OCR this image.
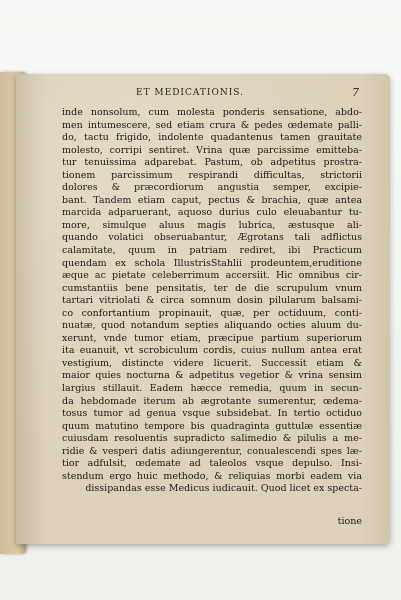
ET MEDICATIONIS.	7
inde nonsolum, cum molesta ponderis sensatione, abdo-
men intumescere, sed etiam crura & pedes œdemate palli-
do, tactu frigido, indolente quadantenus tamen grauitate
molesto, corripi sentiret. Vrina quæ parcissime emitteba-
tur tenuissima adparebat. Pastum, ob adpetitus prostra-
tionem parcissimum respirandi difficultas, strictorii
dolores & præcordiorum angustia semper, excipie-
bant. Tandem etiam caput, pectus & brachia, quæ antea
marcida adparuerant, aquoso durius culo eleuabantur tu-
more, simulque aluus magis lubrica, æstusque ali-
quando volatici obseruabantur, Ægrotans tali adflictus
calamitate, quum in patriam rediret, ibi Practicum
quendam ex schola IllustrisStahlii prodeuntem,eruditione
æque ac pietate celeberrimum accersiit. Hic omnibus cir-
cumstantiis bene pensitatis, ter de die scrupulum vnum
tartari vitriolati & circa somnum dosin pilularum balsami-
co confortantium propinauit, quæ, per octiduum, conti-
nuatæ, quod notandum septies aliquando octies aluum du-
xerunt, vnde tumor etiam, præcipue partium superiorum
ita euanuit, vt scrobiculum cordis, cuius nullum antea erat
vestigium, distincte videre licuerit. Successit etiam &
maior quies nocturna & adpetitus vegetior & vrina sensim
largius stillauit. Eadem hæcce remedia, quum in secun-
da hebdomade iterum ab ægrotante sumerentur, œdema-
tosus tumor ad genua vsque subsidebat. In tertio octiduo
quum matutino tempore bis quadraginta guttulæ essentiæ
cuiusdam resoluentis supradicto salimedio & pilulis a me-
ridie & vesperi datis adiungerentur, conualescendi spes læ-
tior adfulsit, œdemate ad taleolos vsque depulso. Insi-
stendum ergo huic methodo, & reliquias morbi eadem via
dissipandas esse Medicus iudicauit. Quod licet ex specta-
tione
